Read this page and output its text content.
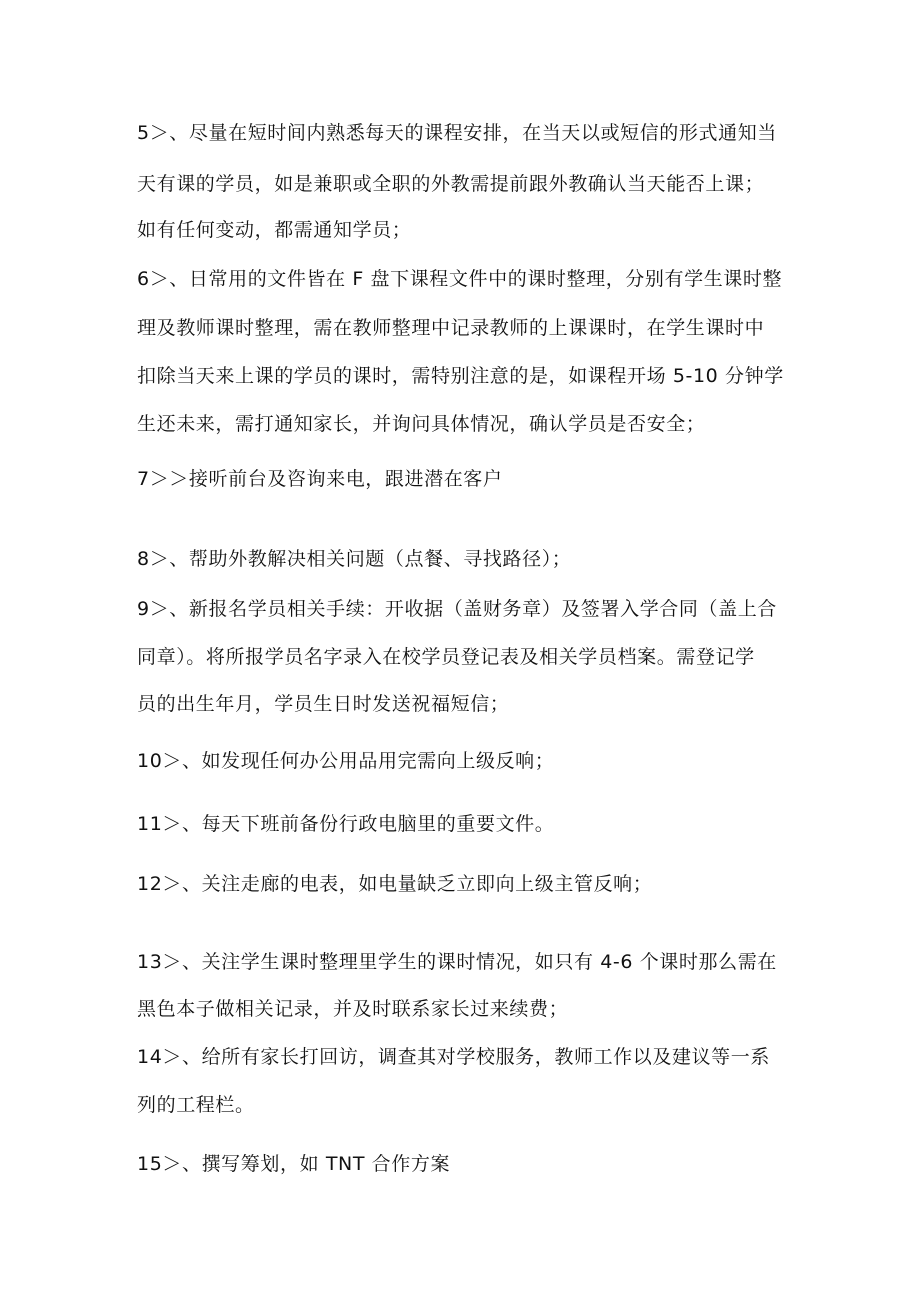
5＞、尽量在短时间内熟悉每天的课程安排，在当天以或短信的形式通知当
天有课的学员，如是兼职或全职的外教需提前跟外教确认当天能否上课；
如有任何变动，都需通知学员；
6＞、日常用的文件皆在 F 盘下课程文件中的课时整理，分别有学生课时整
理及教师课时整理，需在教师整理中记录教师的上课课时，在学生课时中
扣除当天来上课的学员的课时，需特别注意的是，如课程开场 5-10 分钟学
生还未来，需打通知家长，并询问具体情况，确认学员是否安全；
7＞＞接听前台及咨询来电，跟进潜在客户
8＞、帮助外教解决相关问题（点餐、寻找路径）；
9＞、新报名学员相关手续：开收据（盖财务章）及签署入学合同（盖上合
同章）。将所报学员名字录入在校学员登记表及相关学员档案。需登记学
员的出生年月，学员生日时发送祝福短信；
10＞、如发现任何办公用品用完需向上级反响；
11＞、每天下班前备份行政电脑里的重要文件。
12＞、关注走廊的电表，如电量缺乏立即向上级主管反响；
13＞、关注学生课时整理里学生的课时情况，如只有 4-6 个课时那么需在
黑色本子做相关记录，并及时联系家长过来续费；
14＞、给所有家长打回访，调查其对学校服务，教师工作以及建议等一系
列的工程栏。
15＞、撰写筹划，如 TNT 合作方案
